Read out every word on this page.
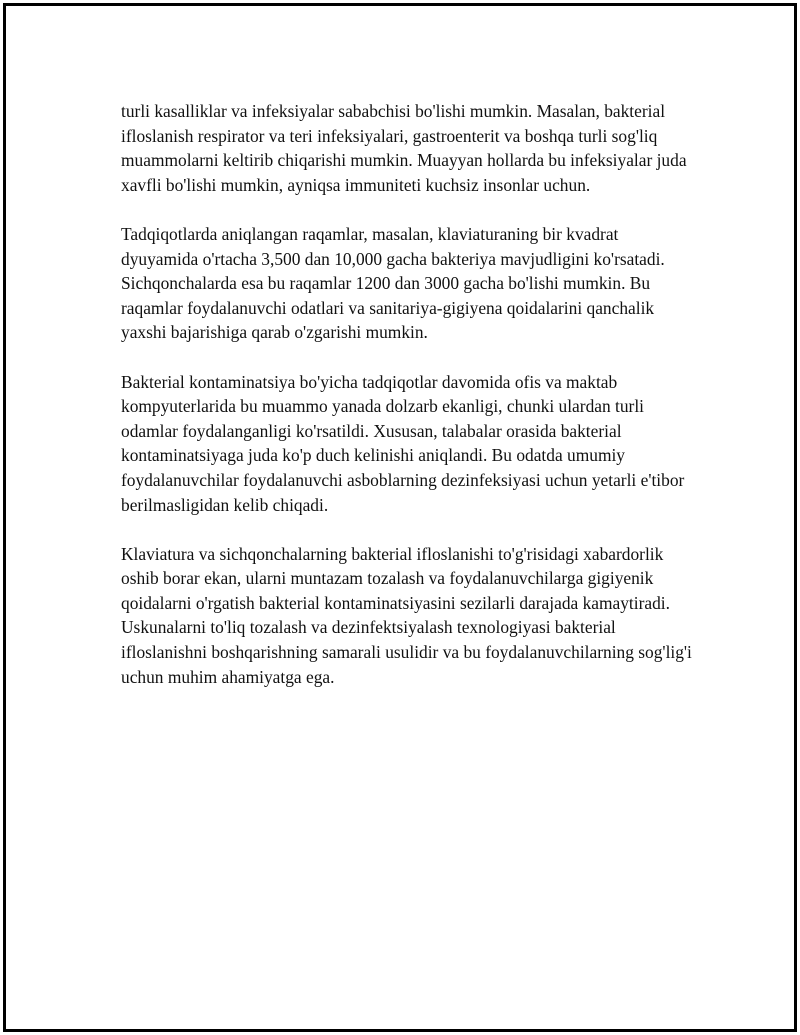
turli kasalliklar va infeksiyalar sababchisi bo'lishi mumkin. Masalan, bakterial ifloslanish respirator va teri infeksiyalari, gastroenterit va boshqa turli sog'liq muammolarni keltirib chiqarishi mumkin. Muayyan hollarda bu infeksiyalar juda xavfli bo'lishi mumkin, ayniqsa immuniteti kuchsiz insonlar uchun.

Tadqiqotlarda aniqlangan raqamlar, masalan, klaviaturaning bir kvadrat dyuyamida o'rtacha 3,500 dan 10,000 gacha bakteriya mavjudligini ko'rsatadi. Sichqonchalarda esa bu raqamlar 1200 dan 3000 gacha bo'lishi mumkin. Bu raqamlar foydalanuvchi odatlari va sanitariya-gigiyena qoidalarini qanchalik yaxshi bajarishiga qarab o'zgarishi mumkin.

Bakterial kontaminatsiya bo'yicha tadqiqotlar davomida ofis va maktab kompyuterlarida bu muammo yanada dolzarb ekanligi, chunki ulardan turli odamlar foydalanganligi ko'rsatildi. Xususan, talabalar orasida bakterial kontaminatsiyaga juda ko'p duch kelinishi aniqlandi. Bu odatda umumiy foydalanuvchilar foydalanuvchi asboblarning dezinfeksiyasi uchun yetarli e'tibor berilmasligidan kelib chiqadi.

Klaviatura va sichqonchalarning bakterial ifloslanishi to'g'risidagi xabardorlik oshib borar ekan, ularni muntazam tozalash va foydalanuvchilarga gigiyenik qoidalarni o'rgatish bakterial kontaminatsiyasini sezilarli darajada kamaytiradi. Uskunalarni to'liq tozalash va dezinfektsiyalash texnologiyasi bakterial ifloslanishni boshqarishning samarali usulidir va bu foydalanuvchilarning sog'lig'i uchun muhim ahamiyatga ega.
